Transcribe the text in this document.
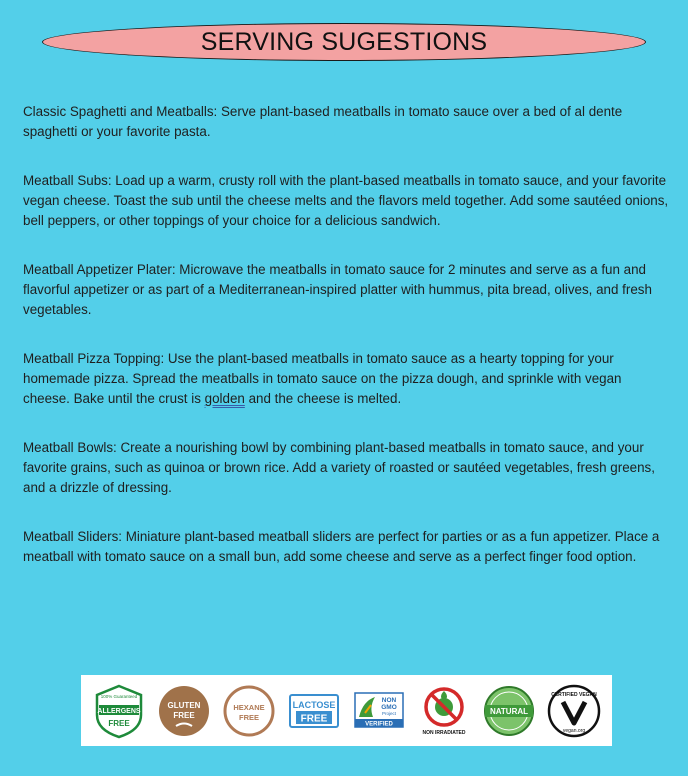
SERVING SUGESTIONS

Classic Spaghetti and Meatballs: Serve plant-based meatballs in tomato sauce over a bed of al dente spaghetti or your favorite pasta.

Meatball Subs: Load up a warm, crusty roll with the plant-based meatballs in tomato sauce, and your favorite vegan cheese. Toast the sub until the cheese melts and the flavors meld together. Add some sautéed onions, bell peppers, or other toppings of your choice for a delicious sandwich.

Meatball Appetizer Plater: Microwave the meatballs in tomato sauce for 2 minutes and serve as a fun and flavorful appetizer or as part of a Mediterranean-inspired platter with hummus, pita bread, olives, and fresh vegetables.

Meatball Pizza Topping: Use the plant-based meatballs in tomato sauce as a hearty topping for your homemade pizza. Spread the meatballs in tomato sauce on the pizza dough, and sprinkle with vegan cheese. Bake until the crust is golden and the cheese is melted.

Meatball Bowls: Create a nourishing bowl by combining plant-based meatballs in tomato sauce, and your favorite grains, such as quinoa or brown rice. Add a variety of roasted or sautéed vegetables, fresh greens, and a drizzle of dressing.

Meatball Sliders: Miniature plant-based meatball sliders are perfect for parties or as a fun appetizer. Place a meatball with tomato sauce on a small bun, add some cheese and serve as a perfect finger food option.

100% Guaranteed
ALLERGENS
FREE
GLUTEN
FREE
HEXANE
FREE
LACTOSE
FREE
NON
GMO
Project
VERIFIED
NON IRRADIATED
NATURAL
CERTIFIED VEGAN
vegan.org
